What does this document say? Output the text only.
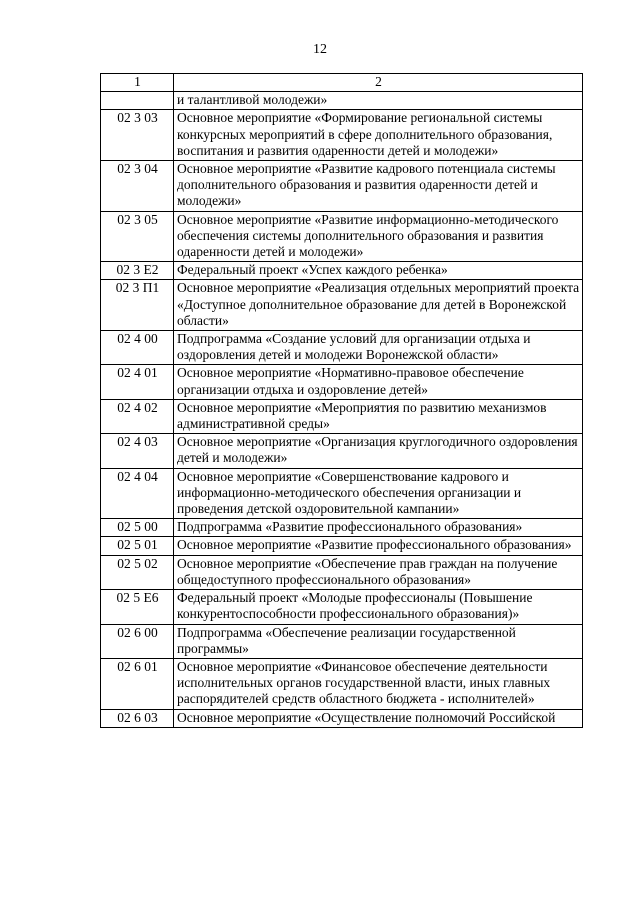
12
1	2
	и талантливой молодежи»
02 3 03	Основное мероприятие «Формирование региональной системы конкурсных мероприятий в сфере дополнительного образования, воспитания и развития одаренности детей и молодежи»
02 3 04	Основное мероприятие «Развитие кадрового потенциала системы дополнительного образования и развития одаренности детей и молодежи»
02 3 05	Основное мероприятие «Развитие информационно-методического обеспечения системы дополнительного образования и развития одаренности детей и молодежи»
02 3 Е2	Федеральный проект «Успех каждого ребенка»
02 3 П1	Основное мероприятие «Реализация отдельных мероприятий проекта «Доступное дополнительное образование для детей в Воронежской области»
02 4 00	Подпрограмма «Создание условий для организации отдыха и оздоровления детей и молодежи Воронежской области»
02 4 01	Основное мероприятие «Нормативно-правовое обеспечение организации отдыха и оздоровление детей»
02 4 02	Основное мероприятие «Мероприятия по развитию механизмов административной среды»
02 4 03	Основное мероприятие «Организация круглогодичного оздоровления детей и молодежи»
02 4 04	Основное мероприятие «Совершенствование кадрового и информационно-методического обеспечения организации и проведения детской оздоровительной кампании»
02 5 00	Подпрограмма «Развитие профессионального образования»
02 5 01	Основное мероприятие «Развитие профессионального образования»
02 5 02	Основное мероприятие «Обеспечение прав граждан на получение общедоступного профессионального образования»
02 5 Е6	Федеральный проект «Молодые профессионалы (Повышение конкурентоспособности профессионального образования)»
02 6 00	Подпрограмма «Обеспечение реализации государственной программы»
02 6 01	Основное мероприятие «Финансовое обеспечение деятельности исполнительных органов государственной власти, иных главных распорядителей средств областного бюджета - исполнителей»
02 6 03	Основное мероприятие «Осуществление полномочий Российской
